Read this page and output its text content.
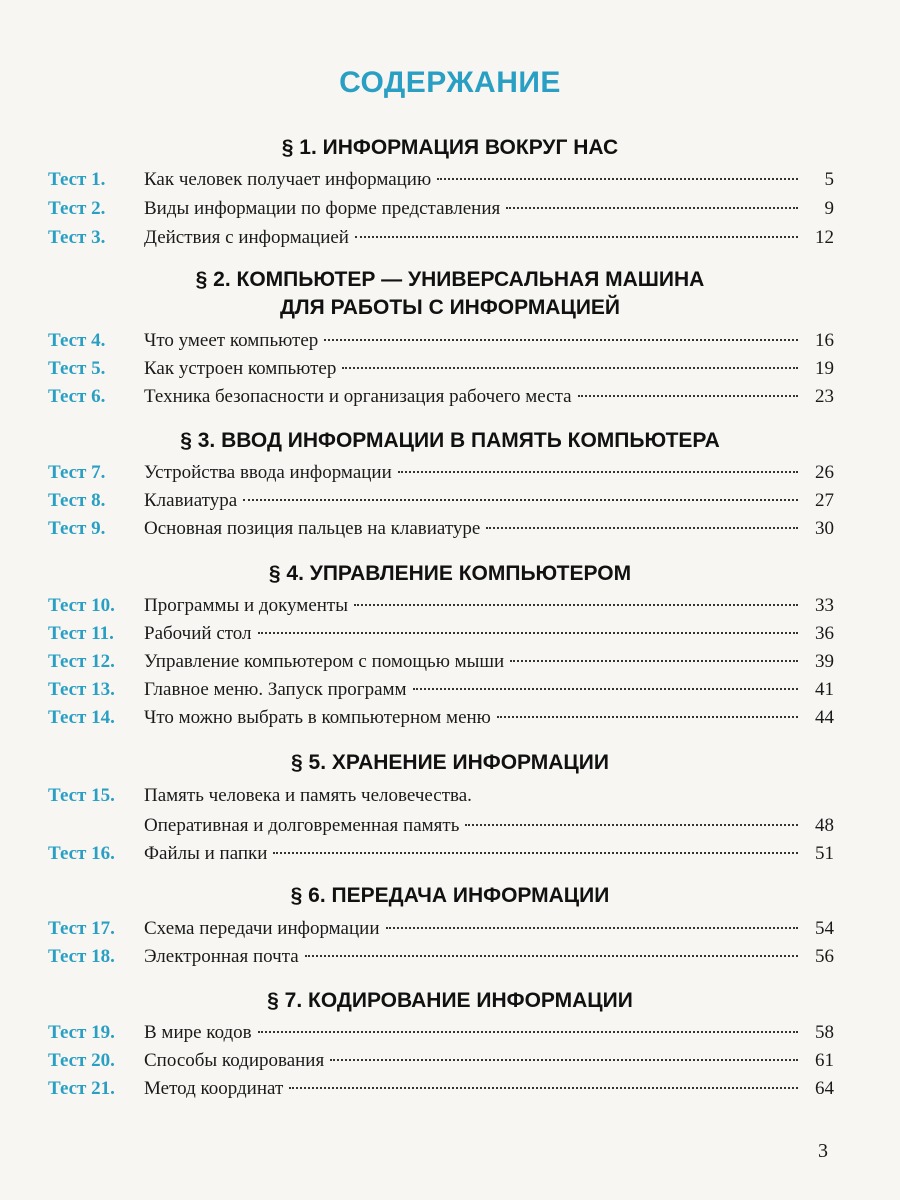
СОДЕРЖАНИЕ
§ 1. ИНФОРМАЦИЯ ВОКРУГ НАС
Тест 1.	Как человек получает информацию	5
Тест 2.	Виды информации по форме представления	9
Тест 3.	Действия с информацией	12
§ 2. КОМПЬЮТЕР — УНИВЕРСАЛЬНАЯ МАШИНА
ДЛЯ РАБОТЫ С ИНФОРМАЦИЕЙ
Тест 4.	Что умеет компьютер	16
Тест 5.	Как устроен компьютер	19
Тест 6.	Техника безопасности и организация рабочего места	23
§ 3. ВВОД ИНФОРМАЦИИ В ПАМЯТЬ КОМПЬЮТЕРА
Тест 7.	Устройства ввода информации	26
Тест 8.	Клавиатура	27
Тест 9.	Основная позиция пальцев на клавиатуре	30
§ 4. УПРАВЛЕНИЕ КОМПЬЮТЕРОМ
Тест 10.	Программы и документы	33
Тест 11.	Рабочий стол	36
Тест 12.	Управление компьютером с помощью мыши	39
Тест 13.	Главное меню. Запуск программ	41
Тест 14.	Что можно выбрать в компьютерном меню	44
§ 5. ХРАНЕНИЕ ИНФОРМАЦИИ
Тест 15.	Память человека и память человечества.
Оперативная и долговременная память	48
Тест 16.	Файлы и папки	51
§ 6. ПЕРЕДАЧА ИНФОРМАЦИИ
Тест 17.	Схема передачи информации	54
Тест 18.	Электронная почта	56
§ 7. КОДИРОВАНИЕ ИНФОРМАЦИИ
Тест 19.	В мире кодов	58
Тест 20.	Способы кодирования	61
Тест 21.	Метод координат	64
3
